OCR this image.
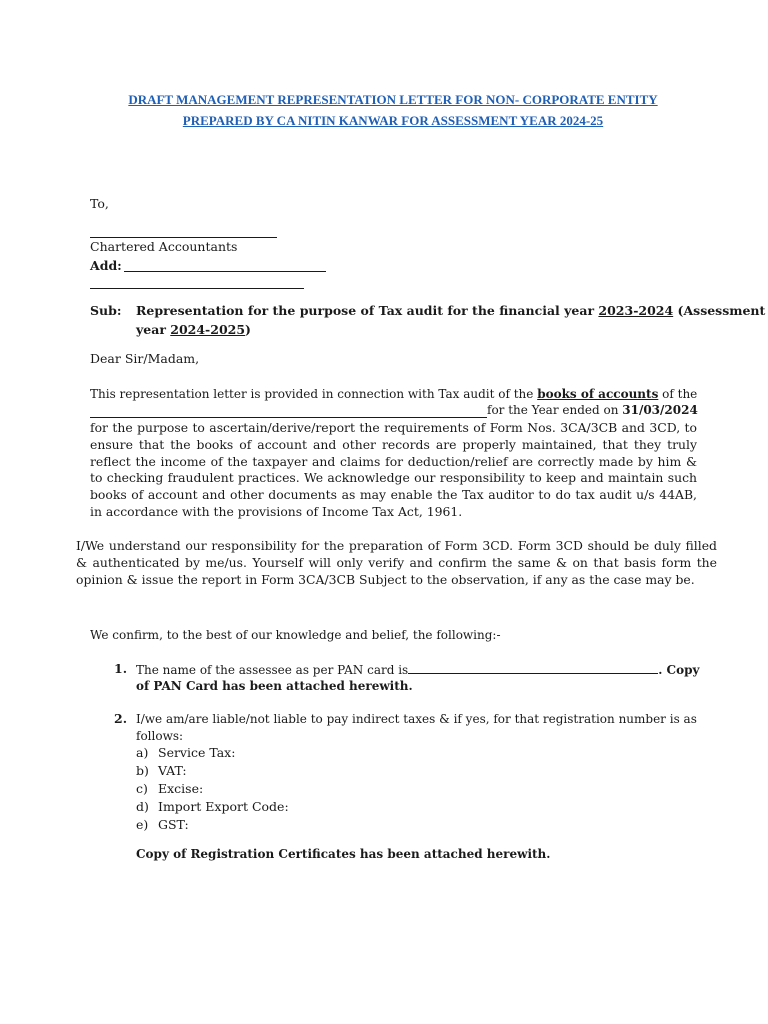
DRAFT MANAGEMENT REPRESENTATION LETTER FOR NON- CORPORATE ENTITY
PREPARED BY CA NITIN KANWAR FOR ASSESSMENT YEAR 2024-25
To,
Chartered Accountants
Add:
Sub: Representation for the purpose of Tax audit for the financial year 2023-2024 (Assessment
year 2024-2025)
Dear Sir/Madam,
This representation letter is provided in connection with Tax audit of the books of accounts of the
for the Year ended on 31/03/2024
for the purpose to ascertain/derive/report the requirements of Form Nos. 3CA/3CB and 3CD, to ensure that the books of account and other records are properly maintained, that they truly reflect the income of the taxpayer and claims for deduction/relief are correctly made by him & to checking fraudulent practices. We acknowledge our responsibility to keep and maintain such books of account and other documents as may enable the Tax auditor to do tax audit u/s 44AB, in accordance with the provisions of Income Tax Act, 1961.
I/We understand our responsibility for the preparation of Form 3CD. Form 3CD should be duly filled & authenticated by me/us. Yourself will only verify and confirm the same & on that basis form the opinion & issue the report in Form 3CA/3CB Subject to the observation, if any as the case may be.
We confirm, to the best of our knowledge and belief, the following:-
1. The name of the assessee as per PAN card is	. Copy
of PAN Card has been attached herewith.
2. I/we am/are liable/not liable to pay indirect taxes & if yes, for that registration number is as
follows:
a) Service Tax:
b) VAT:
c) Excise:
d) Import Export Code:
e) GST:
Copy of Registration Certificates has been attached herewith.
